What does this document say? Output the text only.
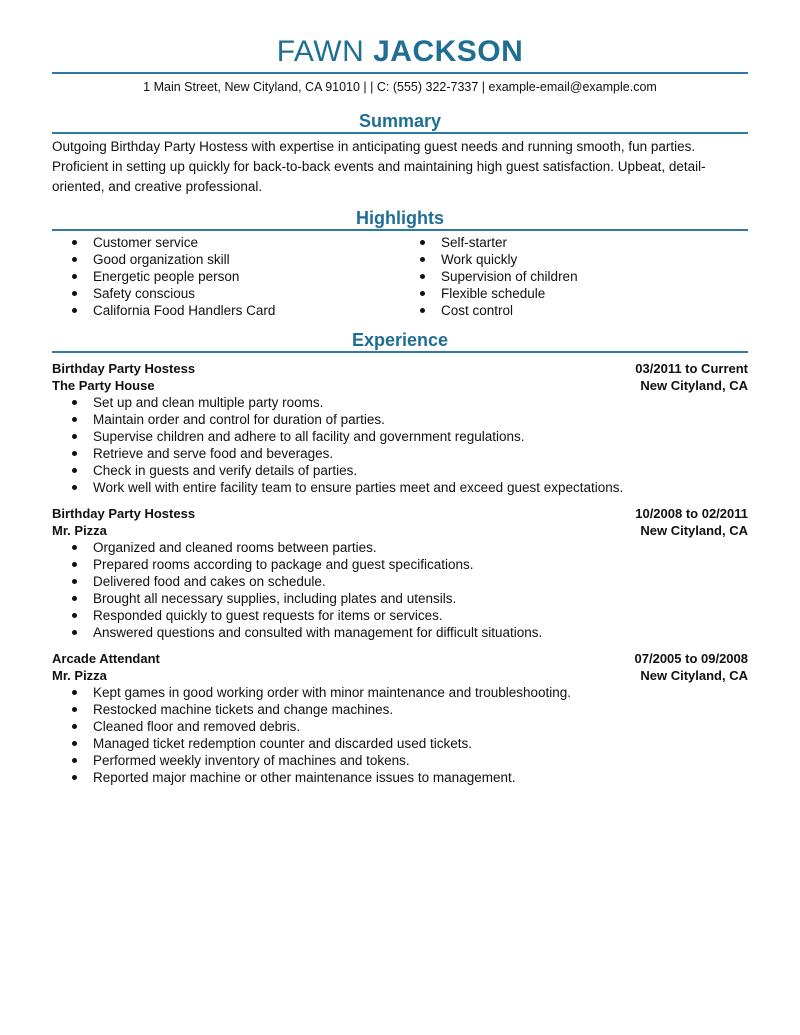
FAWN JACKSON
1 Main Street, New Cityland, CA 91010 | | C: (555) 322-7337 | example-email@example.com
Summary
Outgoing Birthday Party Hostess with expertise in anticipating guest needs and running smooth, fun parties. Proficient in setting up quickly for back-to-back events and maintaining high guest satisfaction. Upbeat, detail-oriented, and creative professional.
Highlights
Customer service
Good organization skill
Energetic people person
Safety conscious
California Food Handlers Card
Self-starter
Work quickly
Supervision of children
Flexible schedule
Cost control
Experience
Birthday Party Hostess	03/2011 to Current
The Party House	New Cityland, CA
Set up and clean multiple party rooms.
Maintain order and control for duration of parties.
Supervise children and adhere to all facility and government regulations.
Retrieve and serve food and beverages.
Check in guests and verify details of parties.
Work well with entire facility team to ensure parties meet and exceed guest expectations.
Birthday Party Hostess	10/2008 to 02/2011
Mr. Pizza	New Cityland, CA
Organized and cleaned rooms between parties.
Prepared rooms according to package and guest specifications.
Delivered food and cakes on schedule.
Brought all necessary supplies, including plates and utensils.
Responded quickly to guest requests for items or services.
Answered questions and consulted with management for difficult situations.
Arcade Attendant	07/2005 to 09/2008
Mr. Pizza	New Cityland, CA
Kept games in good working order with minor maintenance and troubleshooting.
Restocked machine tickets and change machines.
Cleaned floor and removed debris.
Managed ticket redemption counter and discarded used tickets.
Performed weekly inventory of machines and tokens.
Reported major machine or other maintenance issues to management.
